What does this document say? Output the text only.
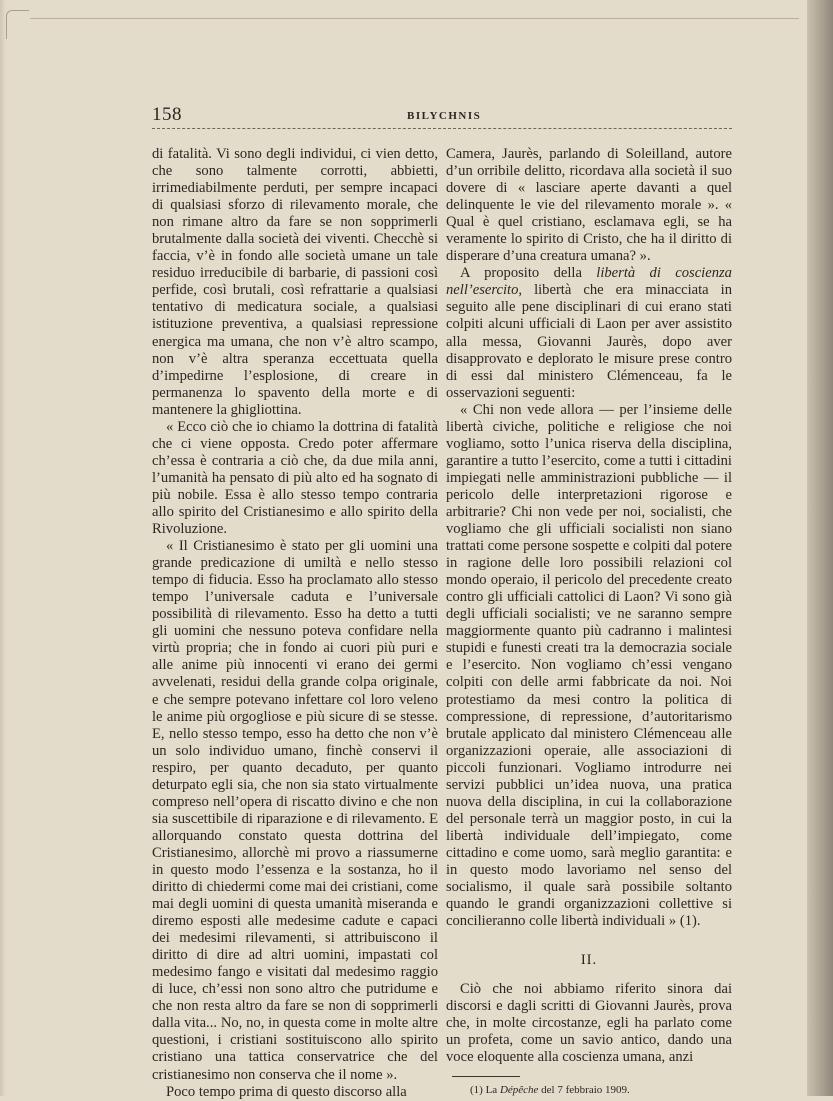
158	BILYCHNIS

di fatalità. Vi sono degli individui, ci vien detto, che sono talmente corrotti, abbietti, irrimediabilmente perduti, per sempre incapaci di qualsiasi sforzo di rilevamento morale, che non rimane altro da fare se non sopprimerli brutalmente dalla società dei viventi. Checchè si faccia, v’è in fondo alle società umane un tale residuo irreducibile di barbarie, di passioni così perfide, così brutali, così refrattarie a qualsiasi tentativo di medicatura sociale, a qualsiasi istituzione preventiva, a qualsiasi repressione energica ma umana, che non v’è altro scampo, non v’è altra speranza eccettuata quella d’impedirne l’esplosione, di creare in permanenza lo spavento della morte e di mantenere la ghigliottina.

« Ecco ciò che io chiamo la dottrina di fatalità che ci viene opposta. Credo poter affermare ch’essa è contraria a ciò che, da due mila anni, l’umanità ha pensato di più alto ed ha sognato di più nobile. Essa è allo stesso tempo contraria allo spirito del Cristianesimo e allo spirito della Rivoluzione.

« Il Cristianesimo è stato per gli uomini una grande predicazione di umiltà e nello stesso tempo di fiducia. Esso ha proclamato allo stesso tempo l’universale caduta e l’universale possibilità di rilevamento. Esso ha detto a tutti gli uomini che nessuno poteva confidare nella virtù propria; che in fondo ai cuori più puri e alle anime più innocenti vi erano dei germi avvelenati, residui della grande colpa originale, e che sempre potevano infettare col loro veleno le anime più orgogliose e più sicure di se stesse. E, nello stesso tempo, esso ha detto che non v’è un solo individuo umano, finchè conservi il respiro, per quanto decaduto, per quanto deturpato egli sia, che non sia stato virtualmente compreso nell’opera di riscatto divino e che non sia suscettibile di riparazione e di rilevamento. E allorquando constato questa dottrina del Cristianesimo, allorchè mi provo a riassumerne in questo modo l’essenza e la sostanza, ho il diritto di chiedermi come mai dei cristiani, come mai degli uomini di questa umanità miseranda e diremo esposti alle medesime cadute e capaci dei medesimi rilevamenti, si attribuiscono il diritto di dire ad altri uomini, impastati col medesimo fango e visitati dal medesimo raggio di luce, ch’essi non sono altro che putridume e che non resta altro da fare se non di sopprimerli dalla vita... No, no, in questa come in molte altre questioni, i cristiani sostituiscono allo spirito cristiano una tattica conservatrice che del cristianesimo non conserva che il nome ».

Poco tempo prima di questo discorso alla

Camera, Jaurès, parlando di Soleilland, autore d’un orribile delitto, ricordava alla società il suo dovere di « lasciare aperte davanti a quel delinquente le vie del rilevamento morale ». « Qual è quel cristiano, esclamava egli, se ha veramente lo spirito di Cristo, che ha il diritto di disperare d’una creatura umana? ».

A proposito della libertà di coscienza nell’esercito, libertà che era minacciata in seguito alle pene disciplinari di cui erano stati colpiti alcuni ufficiali di Laon per aver assistito alla messa, Giovanni Jaurès, dopo aver disapprovato e deplorato le misure prese contro di essi dal ministero Clémenceau, fa le osservazioni seguenti:

« Chi non vede allora — per l’insieme delle libertà civiche, politiche e religiose che noi vogliamo, sotto l’unica riserva della disciplina, garantire a tutto l’esercito, come a tutti i cittadini impiegati nelle amministrazioni pubbliche — il pericolo delle interpretazioni rigorose e arbitrarie? Chi non vede per noi, socialisti, che vogliamo che gli ufficiali socialisti non siano trattati come persone sospette e colpiti dal potere in ragione delle loro possibili relazioni col mondo operaio, il pericolo del precedente creato contro gli ufficiali cattolici di Laon? Vi sono già degli ufficiali socialisti; ve ne saranno sempre maggiormente quanto più cadranno i malintesi stupidi e funesti creati tra la democrazia sociale e l’esercito. Non vogliamo ch’essi vengano colpiti con delle armi fabbricate da noi. Noi protestiamo da mesi contro la politica di compressione, di repressione, d’autoritarismo brutale applicato dal ministero Clémenceau alle organizzazioni operaie, alle associazioni di piccoli funzionari. Vogliamo introdurre nei servizi pubblici un’idea nuova, una pratica nuova della disciplina, in cui la collaborazione del personale terrà un maggior posto, in cui la libertà individuale dell’impiegato, come cittadino e come uomo, sarà meglio garantita: e in questo modo lavoriamo nel senso del socialismo, il quale sarà possibile soltanto quando le grandi organizzazioni collettive si concilieranno colle libertà individuali » (1).

II.

Ciò che noi abbiamo riferito sinora dai discorsi e dagli scritti di Giovanni Jaurès, prova che, in molte circostanze, egli ha parlato come un profeta, come un savio antico, dando una voce eloquente alla coscienza umana, anzi

(1) La Dépêche del 7 febbraio 1909.
